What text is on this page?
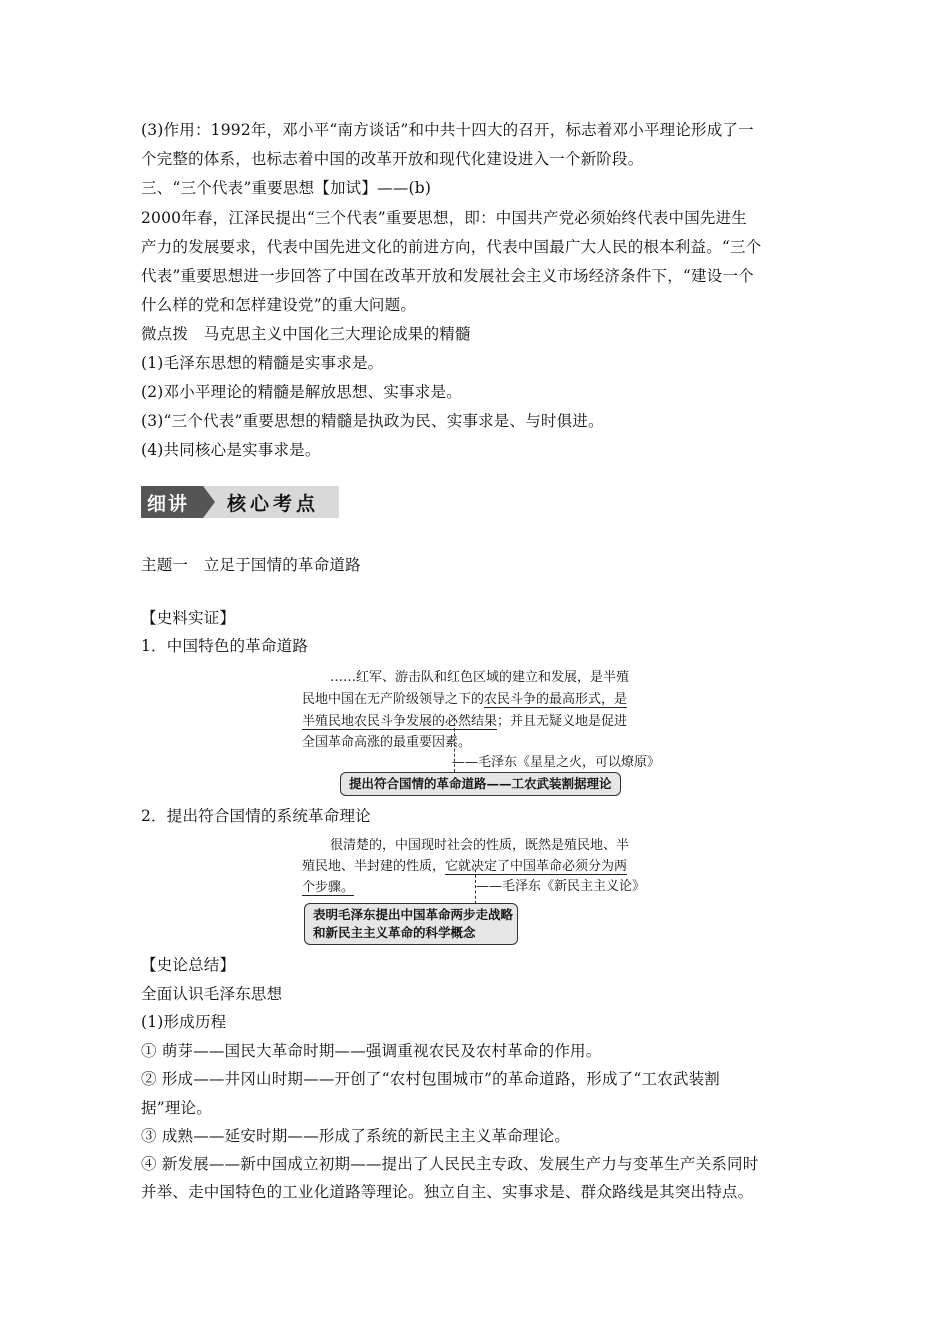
(3)作用：1992年，邓小平“南方谈话”和中共十四大的召开，标志着邓小平理论形成了一
个完整的体系，也标志着中国的改革开放和现代化建设进入一个新阶段。
三、“三个代表”重要思想【加试】——(b)
2000年春，江泽民提出“三个代表”重要思想，即：中国共产党必须始终代表中国先进生
产力的发展要求，代表中国先进文化的前进方向，代表中国最广大人民的根本利益。“三个
代表”重要思想进一步回答了中国在改革开放和发展社会主义市场经济条件下，“建设一个
什么样的党和怎样建设党”的重大问题。
微点拨　马克思主义中国化三大理论成果的精髓
(1)毛泽东思想的精髓是实事求是。
(2)邓小平理论的精髓是解放思想、实事求是。
(3)“三个代表”重要思想的精髓是执政为民、实事求是、与时俱进。
(4)共同核心是实事求是。
细讲 核心考点
主题一　立足于国情的革命道路
【史料实证】
1．中国特色的革命道路
……红军、游击队和红色区域的建立和发展，是半殖
民地中国在无产阶级领导之下的农民斗争的最高形式，是
半殖民地农民斗争发展的必然结果；并且无疑义地是促进
全国革命高涨的最重要因素。
——毛泽东《星星之火，可以燎原》
提出符合国情的革命道路——工农武装割据理论
2．提出符合国情的系统革命理论
很清楚的，中国现时社会的性质，既然是殖民地、半
殖民地、半封建的性质，它就决定了中国革命必须分为两
个步骤。	——毛泽东《新民主主义论》
表明毛泽东提出中国革命两步走战略
和新民主主义革命的科学概念
【史论总结】
全面认识毛泽东思想
(1)形成历程
① 萌芽——国民大革命时期——强调重视农民及农村革命的作用。
② 形成——井冈山时期——开创了“农村包围城市”的革命道路，形成了“工农武装割
据”理论。
③ 成熟——延安时期——形成了系统的新民主主义革命理论。
④ 新发展——新中国成立初期——提出了人民民主专政、发展生产力与变革生产关系同时
并举、走中国特色的工业化道路等理论。独立自主、实事求是、群众路线是其突出特点。
